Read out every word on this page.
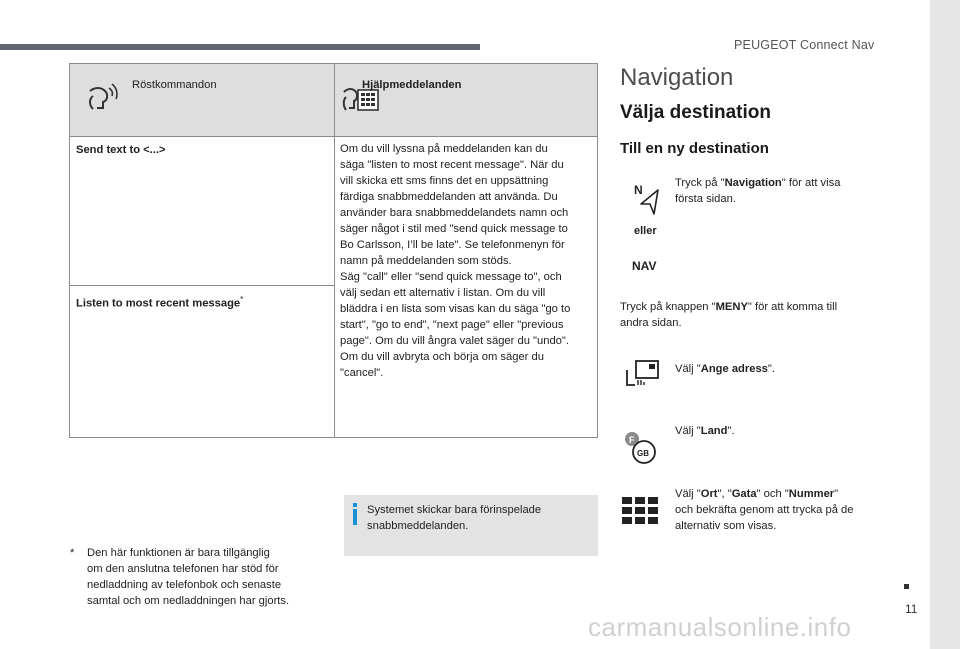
PEUGEOT Connect Nav
11
carmanualsonline.info
Röstkommandon	Hjälpmeddelanden
Send text to <...>
Listen to most recent message*
Om du vill lyssna på meddelanden kan du
säga "listen to most recent message". När du
vill skicka ett sms finns det en uppsättning
färdiga snabbmeddelanden att använda. Du
använder bara snabbmeddelandets namn och
säger något i stil med "send quick message to
Bo Carlsson, I’ll be late". Se telefonmenyn för
namn på meddelanden som stöds.
Säg "call" eller "send quick message to", och
välj sedan ett alternativ i listan. Om du vill
bläddra i en lista som visas kan du säga "go to
start", "go to end", "next page" eller "previous
page". Om du vill ångra valet säger du "undo".
Om du vill avbryta och börja om säger du
"cancel".
* Den här funktionen är bara tillgänglig
om den anslutna telefonen har stöd för
nedladdning av telefonbok och senaste
samtal och om nedladdningen har gjorts.
Systemet skickar bara förinspelade
snabbmeddelanden.
Navigation
Välja destination
Till en ny destination
N
eller
NAV
Tryck på "Navigation" för att visa
första sidan.
Tryck på knappen "MENY" för att komma till
andra sidan.
Välj "Ange adress".
F
GB
Välj "Land".
Välj "Ort", "Gata" och "Nummer"
och bekräfta genom att trycka på de
alternativ som visas.
